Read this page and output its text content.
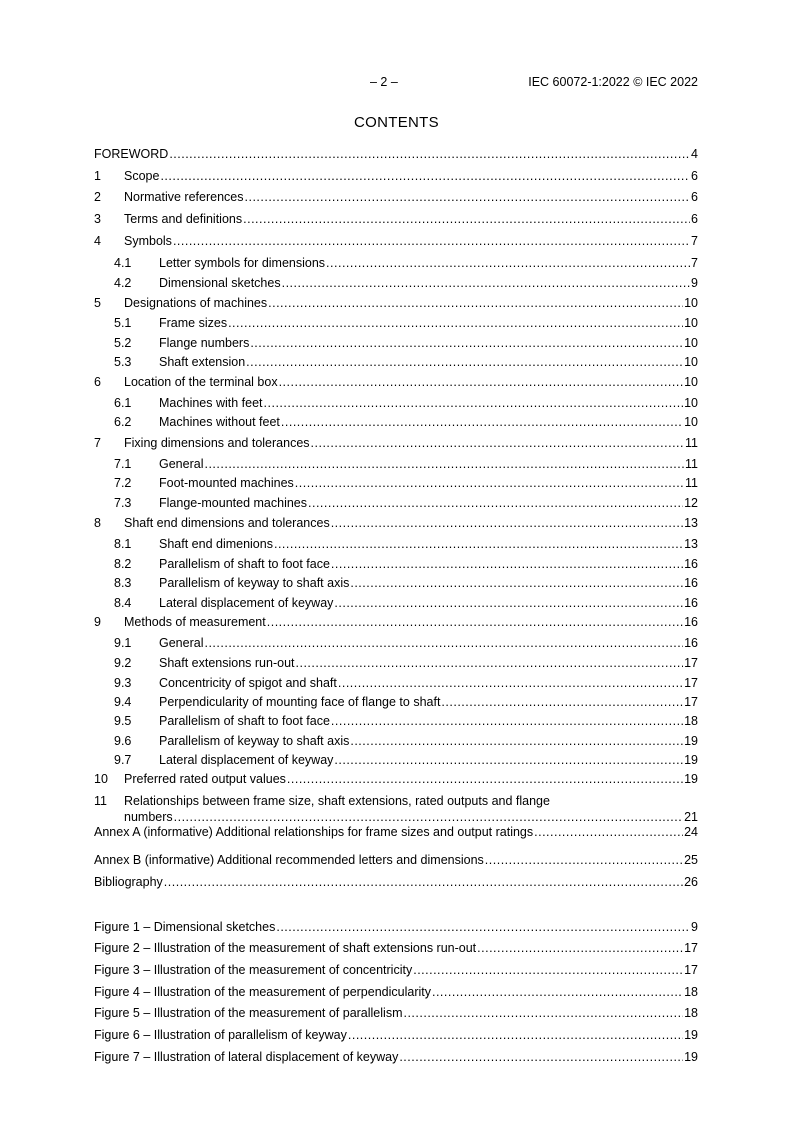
– 2 –	IEC 60072-1:2022 © IEC 2022
CONTENTS
FOREWORD .....	4
1	Scope .....	6
2	Normative references .....	6
3	Terms and definitions .....	6
4	Symbols .....	7
4.1	Letter symbols for dimensions .....	7
4.2	Dimensional sketches .....	9
5	Designations of machines .....	10
5.1	Frame sizes .....	10
5.2	Flange numbers .....	10
5.3	Shaft extension .....	10
6	Location of the terminal box .....	10
6.1	Machines with feet .....	10
6.2	Machines without feet .....	10
7	Fixing dimensions and tolerances .....	11
7.1	General .....	11
7.2	Foot-mounted machines .....	11
7.3	Flange-mounted machines .....	12
8	Shaft end dimensions and tolerances .....	13
8.1	Shaft end dimenions .....	13
8.2	Parallelism of shaft to foot face .....	16
8.3	Parallelism of keyway to shaft axis .....	16
8.4	Lateral displacement of keyway .....	16
9	Methods of measurement .....	16
9.1	General .....	16
9.2	Shaft extensions run-out .....	17
9.3	Concentricity of spigot and shaft .....	17
9.4	Perpendicularity of mounting face of flange to shaft .....	17
9.5	Parallelism of shaft to foot face .....	18
9.6	Parallelism of keyway to shaft axis .....	19
9.7	Lateral displacement of keyway .....	19
10	Preferred rated output values .....	19
11	Relationships between frame size, shaft extensions, rated outputs and flange
numbers .....	21
Annex A (informative) Additional relationships for frame sizes and output ratings .....	24
Annex B (informative) Additional recommended letters and dimensions .....	25
Bibliography .....	26
Figure 1 – Dimensional sketches .....	9
Figure 2 – Illustration of the measurement of shaft extensions run-out .....	17
Figure 3 – Illustration of the measurement of concentricity .....	17
Figure 4 – Illustration of the measurement of perpendicularity .....	18
Figure 5 – Illustration of the measurement of parallelism .....	18
Figure 6 – Illustration of parallelism of keyway .....	19
Figure 7 – Illustration of lateral displacement of keyway .....	19
